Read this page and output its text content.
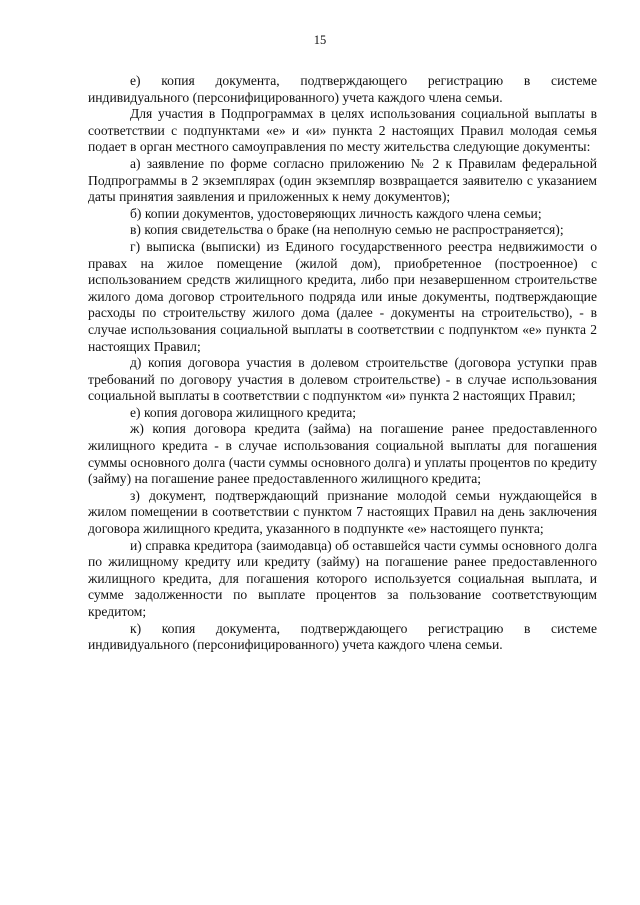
15

е) копия документа, подтверждающего регистрацию в системе индивидуального (персонифицированного) учета каждого члена семьи.

Для участия в Подпрограммах в целях использования социальной выплаты в соответствии с подпунктами «е» и «и» пункта 2 настоящих Правил молодая семья подает в орган местного самоуправления по месту жительства следующие документы:

а) заявление по форме согласно приложению № 2 к Правилам федеральной Подпрограммы в 2 экземплярах (один экземпляр возвращается заявителю с указанием даты принятия заявления и приложенных к нему документов);

б) копии документов, удостоверяющих личность каждого члена семьи;

в) копия свидетельства о браке (на неполную семью не распространяется);

г) выписка (выписки) из Единого государственного реестра недвижимости о правах на жилое помещение (жилой дом), приобретенное (построенное) с использованием средств жилищного кредита, либо при незавершенном строительстве жилого дома договор строительного подряда или иные документы, подтверждающие расходы по строительству жилого дома (далее - документы на строительство), - в случае использования социальной выплаты в соответствии с подпунктом «е» пункта 2 настоящих Правил;

д) копия договора участия в долевом строительстве (договора уступки прав требований по договору участия в долевом строительстве) - в случае использования социальной выплаты в соответствии с подпунктом «и» пункта 2 настоящих Правил;

е) копия договора жилищного кредита;

ж) копия договора кредита (займа) на погашение ранее предоставленного жилищного кредита - в случае использования социальной выплаты для погашения суммы основного долга (части суммы основного долга) и уплаты процентов по кредиту (займу) на погашение ранее предоставленного жилищного кредита;

з) документ, подтверждающий признание молодой семьи нуждающейся в жилом помещении в соответствии с пунктом 7 настоящих Правил на день заключения договора жилищного кредита, указанного в подпункте «е» настоящего пункта;

и) справка кредитора (заимодавца) об оставшейся части суммы основного долга по жилищному кредиту или кредиту (займу) на погашение ранее предоставленного жилищного кредита, для погашения которого используется социальная выплата, и сумме задолженности по выплате процентов за пользование соответствующим кредитом;

к) копия документа, подтверждающего регистрацию в системе индивидуального (персонифицированного) учета каждого члена семьи.
